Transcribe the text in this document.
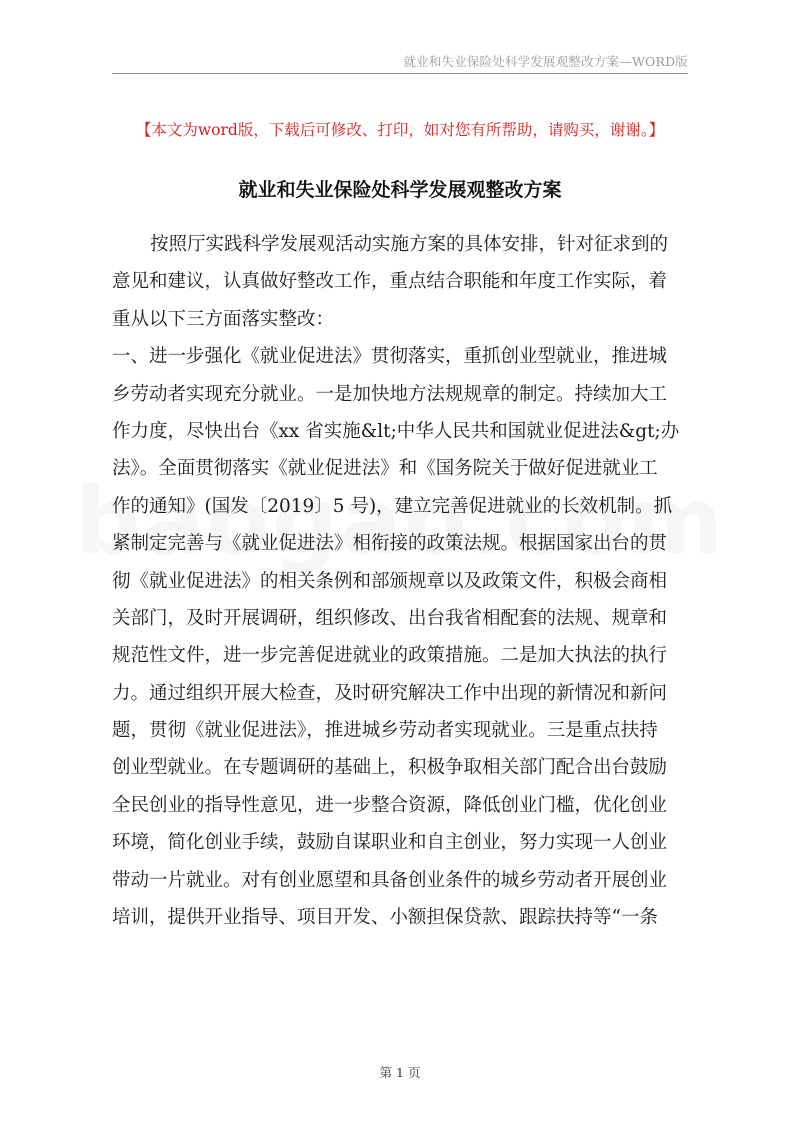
就业和失业保险处科学发展观整改方案—WORD版
【本文为word版，下载后可修改、打印，如对您有所帮助，请购买，谢谢。】
就业和失业保险处科学发展观整改方案
按照厅实践科学发展观活动实施方案的具体安排，针对征求到的
意见和建议，认真做好整改工作，重点结合职能和年度工作实际，着
重从以下三方面落实整改：
一、进一步强化《就业促进法》贯彻落实，重抓创业型就业，推进城
乡劳动者实现充分就业。一是加快地方法规规章的制定。持续加大工
作力度，尽快出台《xx 省实施&lt;中华人民共和国就业促进法&gt;办
法》。全面贯彻落实《就业促进法》和《国务院关于做好促进就业工
作的通知》(国发〔2019〕5 号)，建立完善促进就业的长效机制。抓
紧制定完善与《就业促进法》相衔接的政策法规。根据国家出台的贯
彻《就业促进法》的相关条例和部颁规章以及政策文件，积极会商相
关部门，及时开展调研，组织修改、出台我省相配套的法规、规章和
规范性文件，进一步完善促进就业的政策措施。二是加大执法的执行
力。通过组织开展大检查，及时研究解决工作中出现的新情况和新问
题，贯彻《就业促进法》，推进城乡劳动者实现就业。三是重点扶持
创业型就业。在专题调研的基础上，积极争取相关部门配合出台鼓励
全民创业的指导性意见，进一步整合资源，降低创业门槛，优化创业
环境，简化创业手续，鼓励自谋职业和自主创业，努力实现一人创业
带动一片就业。对有创业愿望和具备创业条件的城乡劳动者开展创业
培训，提供开业指导、项目开发、小额担保贷款、跟踪扶持等“一条
第 1 页
